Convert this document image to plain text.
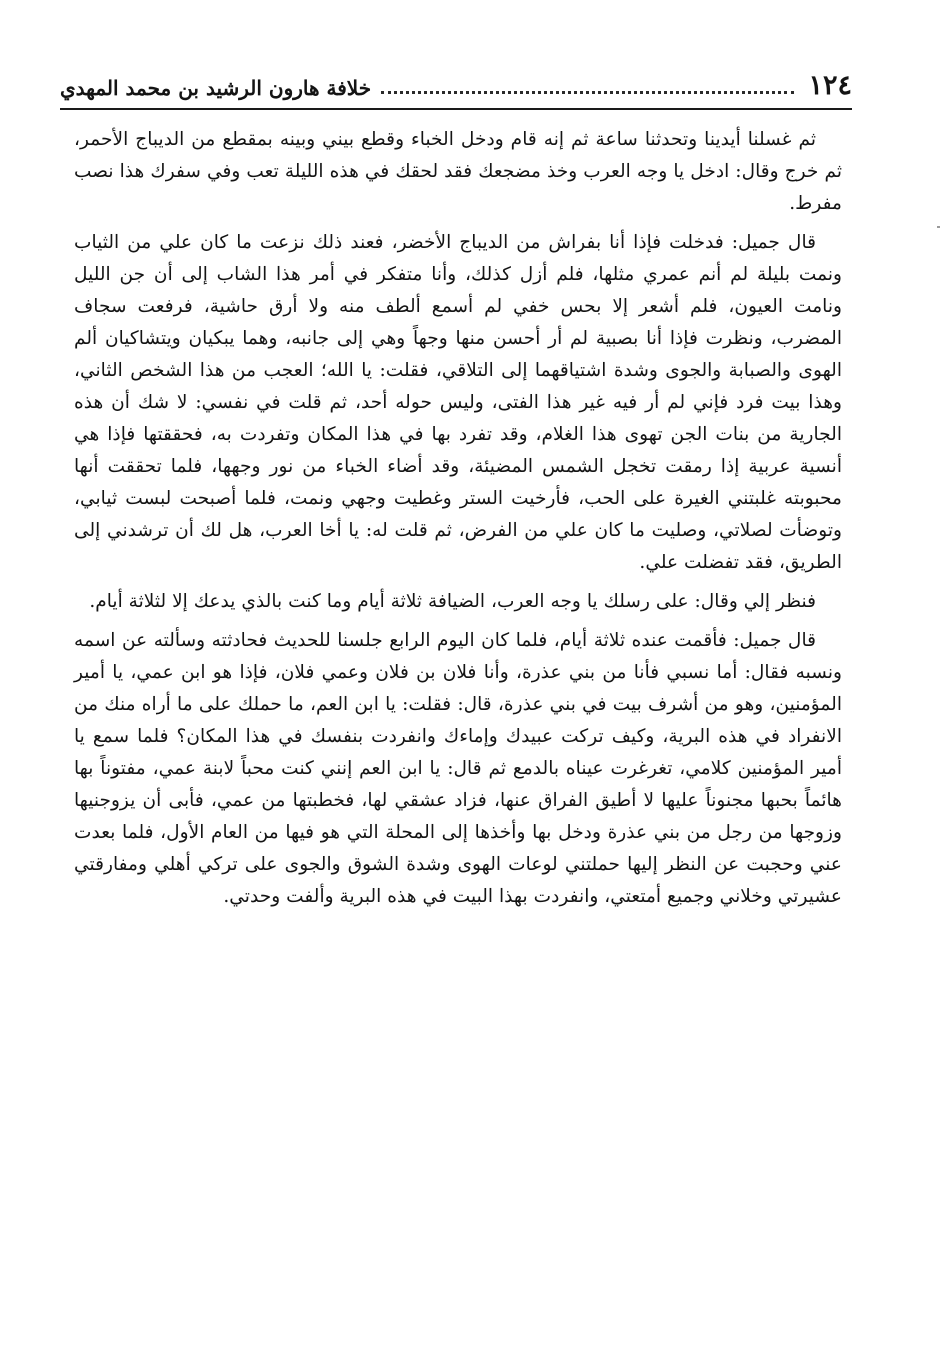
١٢٤
خلافة هارون الرشيد بن محمد المهدي

ثم غسلنا أيدينا وتحدثنا ساعة ثم إنه قام ودخل الخباء وقطع بيني وبينه بمقطع من الديباج الأحمر، ثم خرج وقال: ادخل يا وجه العرب وخذ مضجعك فقد لحقك في هذه الليلة تعب وفي سفرك هذا نصب مفرط.

قال جميل: فدخلت فإذا أنا بفراش من الديباج الأخضر، فعند ذلك نزعت ما كان علي من الثياب ونمت بليلة لم أنم عمري مثلها، فلم أزل كذلك، وأنا متفكر في أمر هذا الشاب إلى أن جن الليل ونامت العيون، فلم أشعر إلا بحس خفي لم أسمع ألطف منه ولا أرق حاشية، فرفعت سجاف المضرب، ونظرت فإذا أنا بصبية لم أر أحسن منها وجهاً وهي إلى جانبه، وهما يبكيان ويتشاكيان ألم الهوى والصبابة والجوى وشدة اشتياقهما إلى التلاقي، فقلت: يا الله؛ العجب من هذا الشخص الثاني، وهذا بيت فرد فإني لم أر فيه غير هذا الفتى، وليس حوله أحد، ثم قلت في نفسي: لا شك أن هذه الجارية من بنات الجن تهوى هذا الغلام، وقد تفرد بها في هذا المكان وتفردت به، فحققتها فإذا هي أنسية عربية إذا رمقت تخجل الشمس المضيئة، وقد أضاء الخباء من نور وجهها، فلما تحققت أنها محبوبته غلبتني الغيرة على الحب، فأرخيت الستر وغطيت وجهي ونمت، فلما أصبحت لبست ثيابي، وتوضأت لصلاتي، وصليت ما كان علي من الفرض، ثم قلت له: يا أخا العرب، هل لك أن ترشدني إلى الطريق، فقد تفضلت علي.

فنظر إلي وقال: على رسلك يا وجه العرب، الضيافة ثلاثة أيام وما كنت بالذي يدعك إلا لثلاثة أيام.

قال جميل: فأقمت عنده ثلاثة أيام، فلما كان اليوم الرابع جلسنا للحديث فحادثته وسألته عن اسمه ونسبه فقال: أما نسبي فأنا من بني عذرة، وأنا فلان بن فلان وعمي فلان، فإذا هو ابن عمي، يا أمير المؤمنين، وهو من أشرف بيت في بني عذرة، قال: فقلت: يا ابن العم، ما حملك على ما أراه منك من الانفراد في هذه البرية، وكيف تركت عبيدك وإماءك وانفردت بنفسك في هذا المكان؟ فلما سمع يا أمير المؤمنين كلامي، تغرغرت عيناه بالدمع ثم قال: يا ابن العم إنني كنت محباً لابنة عمي، مفتوناً بها هائماً بحبها مجنوناً عليها لا أطيق الفراق عنها، فزاد عشقي لها، فخطبتها من عمي، فأبى أن يزوجنيها وزوجها من رجل من بني عذرة ودخل بها وأخذها إلى المحلة التي هو فيها من العام الأول، فلما بعدت عني وحجبت عن النظر إليها حملتني لوعات الهوى وشدة الشوق والجوى على تركي أهلي ومفارقتي عشيرتي وخلاني وجميع أمتعتي، وانفردت بهذا البيت في هذه البرية وألفت وحدتي.
